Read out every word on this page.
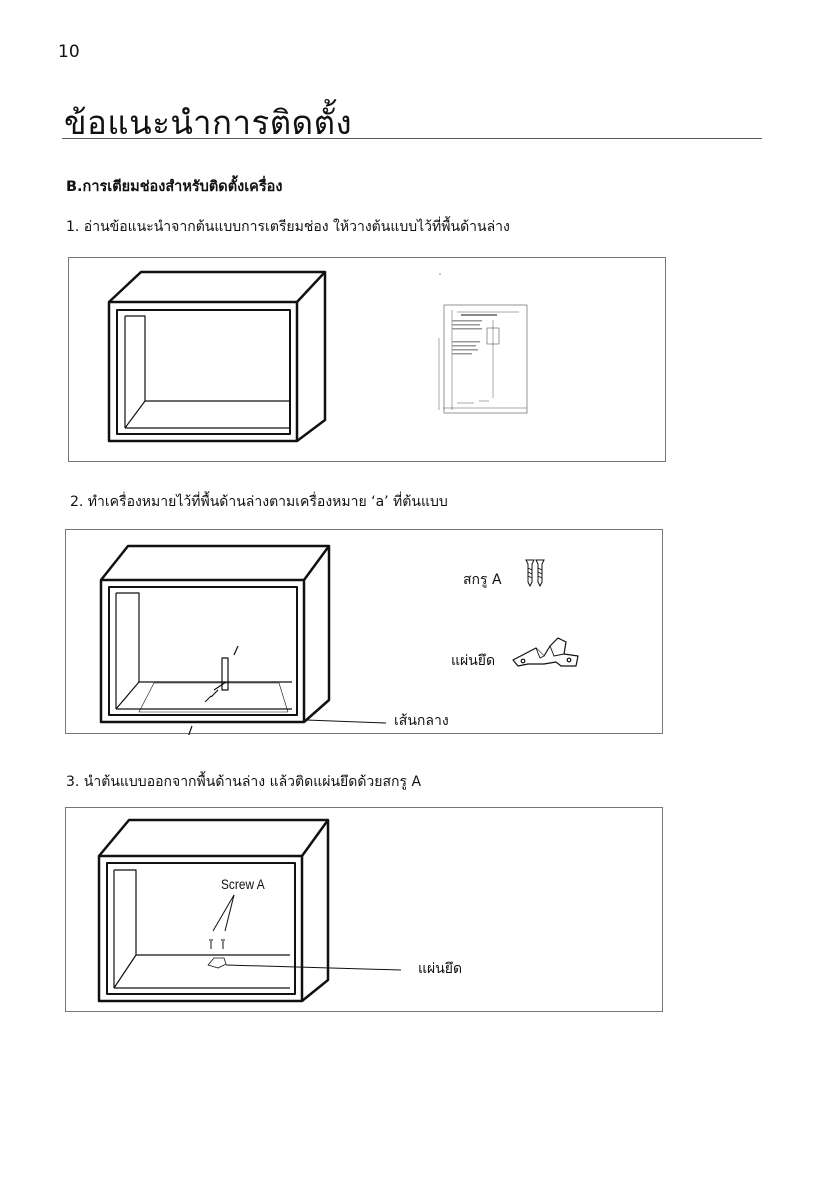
10
ข้อแนะนำการติดตั้ง
B.การเตียมช่องสำหรับติดตั้งเครื่อง
1. อ่านข้อแนะนำจากต้นแบบการเตรียมช่อง ให้วางต้นแบบไว้ที่พื้นด้านล่าง
2. ทำเครื่องหมายไว้ที่พื้นด้านล่างตามเครื่องหมาย ‘a’ ที่ต้นแบบ
สกรู A
แผ่นยึด
เส้นกลาง
3. นำต้นแบบออกจากพื้นด้านล่าง แล้วติดแผ่นยึดด้วยสกรู A
Screw A
แผ่นยึด
